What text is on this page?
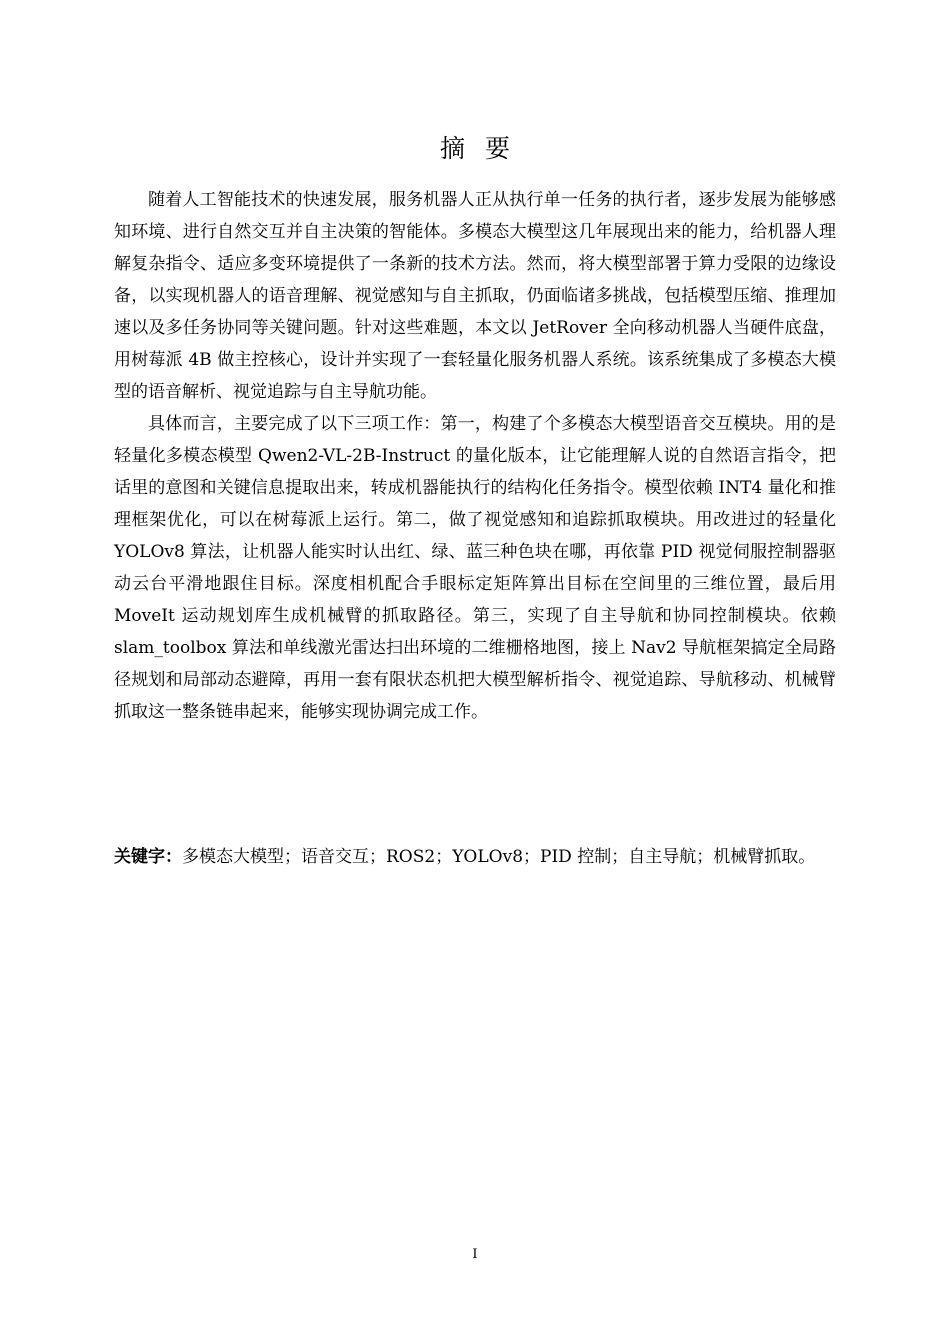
摘要

随着人工智能技术的快速发展，服务机器人正从执行单一任务的执行者，逐步发展为能够感知环境、进行自然交互并自主决策的智能体。多模态大模型这几年展现出来的能力，给机器人理解复杂指令、适应多变环境提供了一条新的技术方法。然而，将大模型部署于算力受限的边缘设备，以实现机器人的语音理解、视觉感知与自主抓取，仍面临诸多挑战，包括模型压缩、推理加速以及多任务协同等关键问题。针对这些难题，本文以 JetRover 全向移动机器人当硬件底盘，用树莓派 4B 做主控核心，设计并实现了一套轻量化服务机器人系统。该系统集成了多模态大模型的语音解析、视觉追踪与自主导航功能。

具体而言，主要完成了以下三项工作：第一，构建了个多模态大模型语音交互模块。用的是轻量化多模态模型 Qwen2-VL-2B-Instruct 的量化版本，让它能理解人说的自然语言指令，把话里的意图和关键信息提取出来，转成机器能执行的结构化任务指令。模型依赖 INT4 量化和推理框架优化，可以在树莓派上运行。第二，做了视觉感知和追踪抓取模块。用改进过的轻量化 YOLOv8 算法，让机器人能实时认出红、绿、蓝三种色块在哪，再依靠 PID 视觉伺服控制器驱动云台平滑地跟住目标。深度相机配合手眼标定矩阵算出目标在空间里的三维位置，最后用 MoveIt 运动规划库生成机械臂的抓取路径。第三，实现了自主导航和协同控制模块。依赖 slam_toolbox 算法和单线激光雷达扫出环境的二维栅格地图，接上 Nav2 导航框架搞定全局路径规划和局部动态避障，再用一套有限状态机把大模型解析指令、视觉追踪、导航移动、机械臂抓取这一整条链串起来，能够实现协调完成工作。

关键字：多模态大模型；语音交互；ROS2；YOLOv8；PID 控制；自主导航；机械臂抓取。
I
